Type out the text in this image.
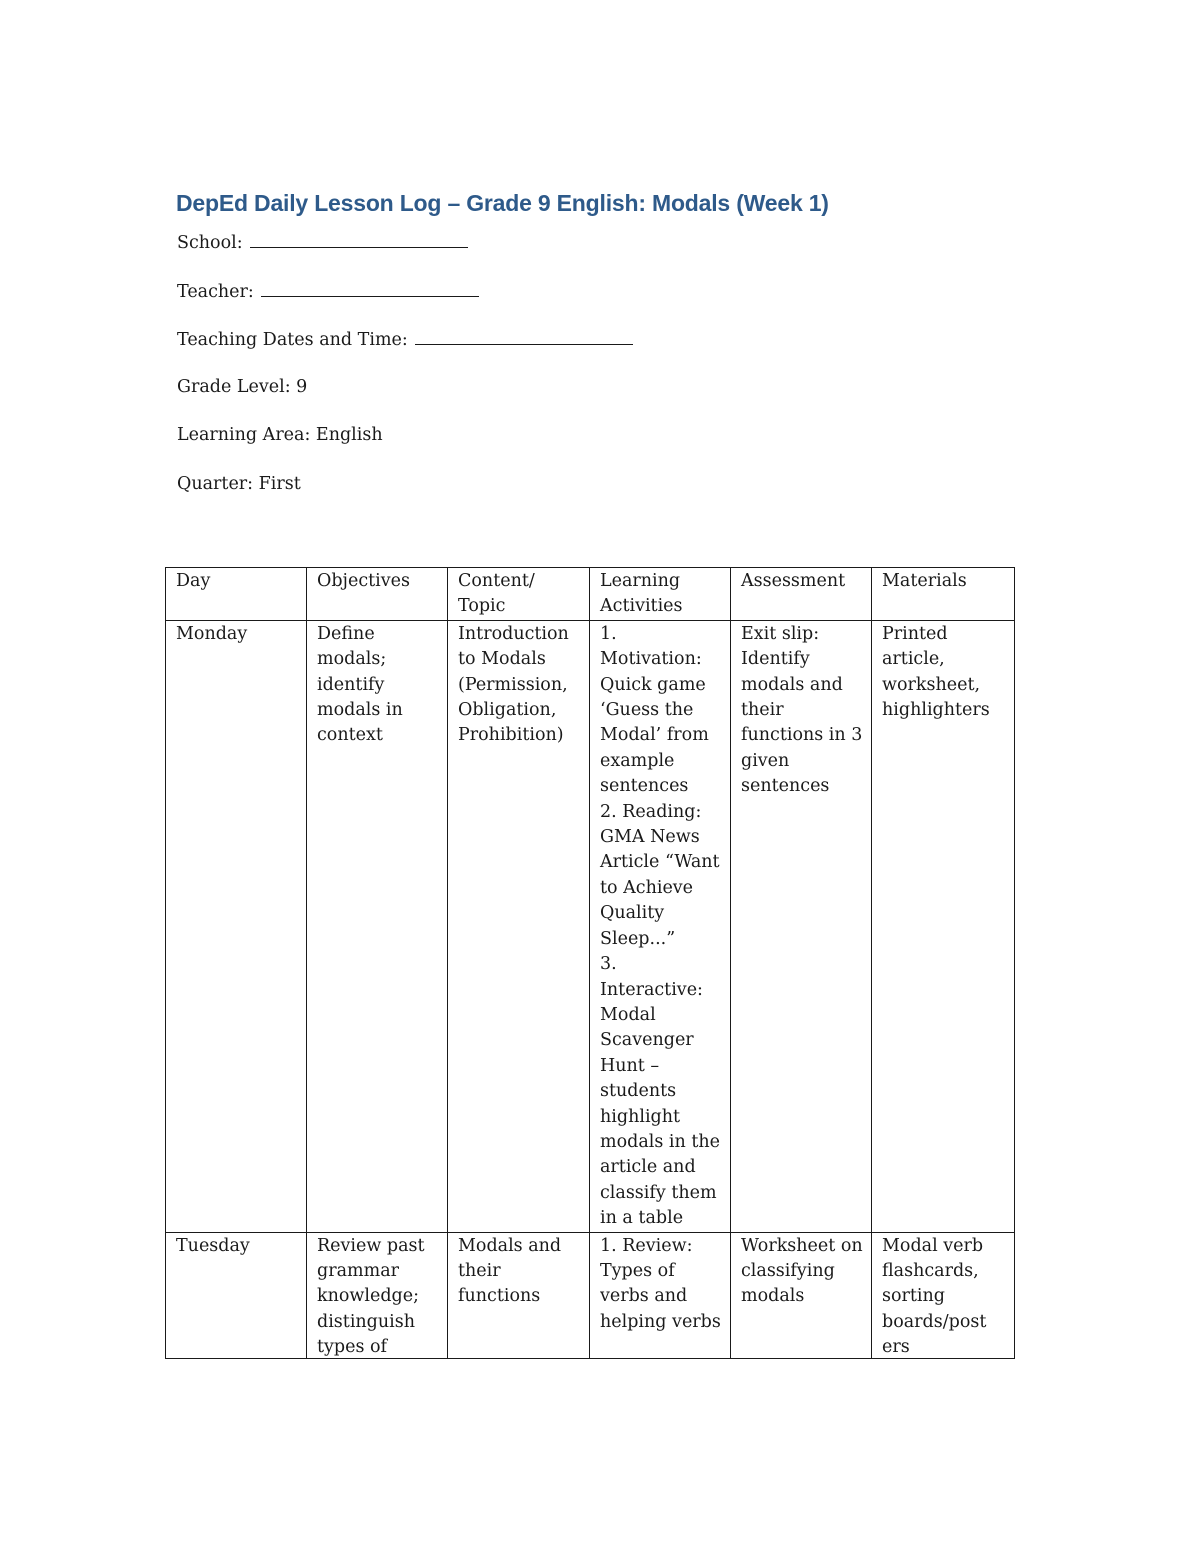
DepEd Daily Lesson Log – Grade 9 English: Modals (Week 1)
School:
Teacher:
Teaching Dates and Time:
Grade Level: 9
Learning Area: English
Quarter: First
Day	Objectives	Content/ Topic	Learning Activities	Assessment	Materials
Monday	Define modals; identify modals in context	Introduction to Modals (Permission, Obligation, Prohibition)	1. Motivation: Quick game ‘Guess the Modal’ from example sentences
2. Reading: GMA News Article “Want to Achieve Quality Sleep...”
3. Interactive: Modal Scavenger Hunt – students highlight modals in the article and classify them in a table	Exit slip: Identify modals and their functions in 3 given sentences	Printed article, worksheet, highlighters

Tuesday	Review past grammar knowledge; distinguish types of	Modals and their functions	1. Review: Types of verbs and helping verbs	Worksheet on classifying modals	Modal verb flashcards, sorting boards/post ers
